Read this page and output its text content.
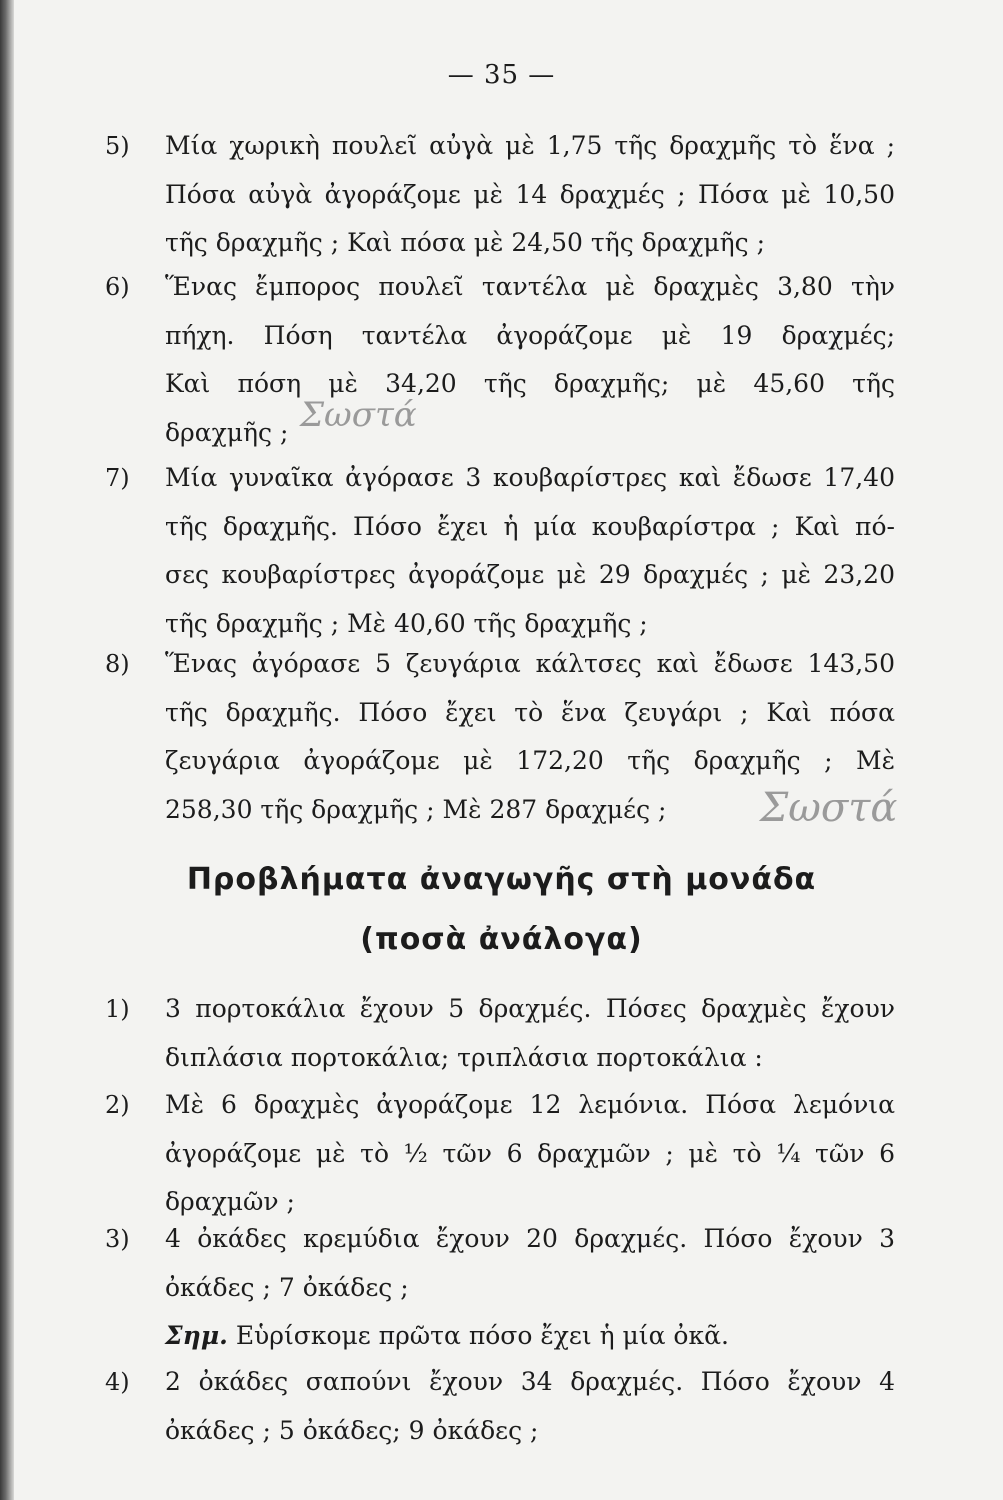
— 35 —
5) Μία χωρικὴ πουλεῖ αὐγὰ μὲ 1,75 τῆς δραχμῆς τὸ ἕνα ;
Πόσα αὐγὰ ἀγοράζομε μὲ 14 δραχμές ; Πόσα μὲ 10,50
τῆς δραχμῆς ; Καὶ πόσα μὲ 24,50 τῆς δραχμῆς ;
6) Ἕνας ἔμπορος πουλεῖ ταντέλα μὲ δραχμὲς 3,80 τὴν
πήχη. Πόση ταντέλα ἀγοράζομε μὲ 19 δραχμές;
Καὶ πόση μὲ 34,20 τῆς δραχμῆς; μὲ 45,60 τῆς
δραχμῆς ;
7) Μία γυναῖκα ἀγόρασε 3 κουβαρίστρες καὶ ἔδωσε 17,40
τῆς δραχμῆς. Πόσο ἔχει ἡ μία κουβαρίστρα ; Καὶ πό-
σες κουβαρίστρες ἀγοράζομε μὲ 29 δραχμές ; μὲ 23,20
τῆς δραχμῆς ; Μὲ 40,60 τῆς δραχμῆς ;
8) Ἕνας ἀγόρασε 5 ζευγάρια κάλτσες καὶ ἔδωσε 143,50
τῆς δραχμῆς. Πόσο ἔχει τὸ ἕνα ζευγάρι ; Καὶ πόσα
ζευγάρια ἀγοράζομε μὲ 172,20 τῆς δραχμῆς ; Μὲ
258,30 τῆς δραχμῆς ; Μὲ 287 δραχμές ;
Σωστά
Σωστά
Προβλήματα ἀναγωγῆς στὴ μονάδα
(ποσὰ ἀνάλογα)
1) 3 πορτοκάλια ἔχουν 5 δραχμές. Πόσες δραχμὲς ἔχουν
διπλάσια πορτοκάλια; τριπλάσια πορτοκάλια :
2) Μὲ 6 δραχμὲς ἀγοράζομε 12 λεμόνια. Πόσα λεμόνια
ἀγοράζομε μὲ τὸ ½ τῶν 6 δραχμῶν ; μὲ τὸ ¼ τῶν 6
δραχμῶν ;
3) 4 ὀκάδες κρεμύδια ἔχουν 20 δραχμές. Πόσο ἔχουν 3
ὀκάδες ; 7 ὀκάδες ;
Σημ. Εὑρίσκομε πρῶτα πόσο ἔχει ἡ μία ὀκᾶ.
4) 2 ὀκάδες σαπούνι ἔχουν 34 δραχμές. Πόσο ἔχουν 4
ὀκάδες ; 5 ὀκάδες; 9 ὀκάδες ;
